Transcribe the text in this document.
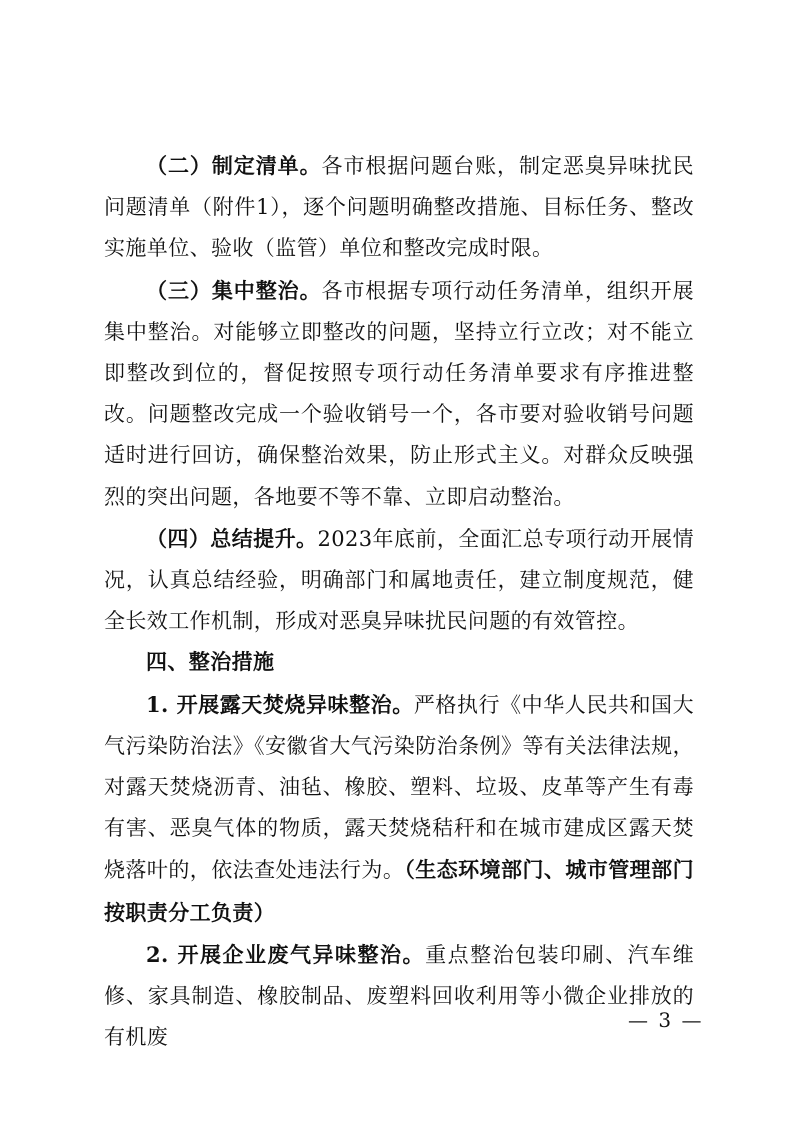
（二）制定清单。各市根据问题台账，制定恶臭异味扰民问题清单（附件1），逐个问题明确整改措施、目标任务、整改实施单位、验收（监管）单位和整改完成时限。

（三）集中整治。各市根据专项行动任务清单，组织开展集中整治。对能够立即整改的问题，坚持立行立改；对不能立即整改到位的，督促按照专项行动任务清单要求有序推进整改。问题整改完成一个验收销号一个，各市要对验收销号问题适时进行回访，确保整治效果，防止形式主义。对群众反映强烈的突出问题，各地要不等不靠、立即启动整治。

（四）总结提升。2023年底前，全面汇总专项行动开展情况，认真总结经验，明确部门和属地责任，建立制度规范，健全长效工作机制，形成对恶臭异味扰民问题的有效管控。

四、整治措施

1. 开展露天焚烧异味整治。严格执行《中华人民共和国大气污染防治法》《安徽省大气污染防治条例》等有关法律法规，对露天焚烧沥青、油毡、橡胶、塑料、垃圾、皮革等产生有毒有害、恶臭气体的物质，露天焚烧秸秆和在城市建成区露天焚烧落叶的，依法查处违法行为。（生态环境部门、城市管理部门按职责分工负责）

2. 开展企业废气异味整治。重点整治包装印刷、汽车维修、家具制造、橡胶制品、废塑料回收利用等小微企业排放的有机废

— 3 —
